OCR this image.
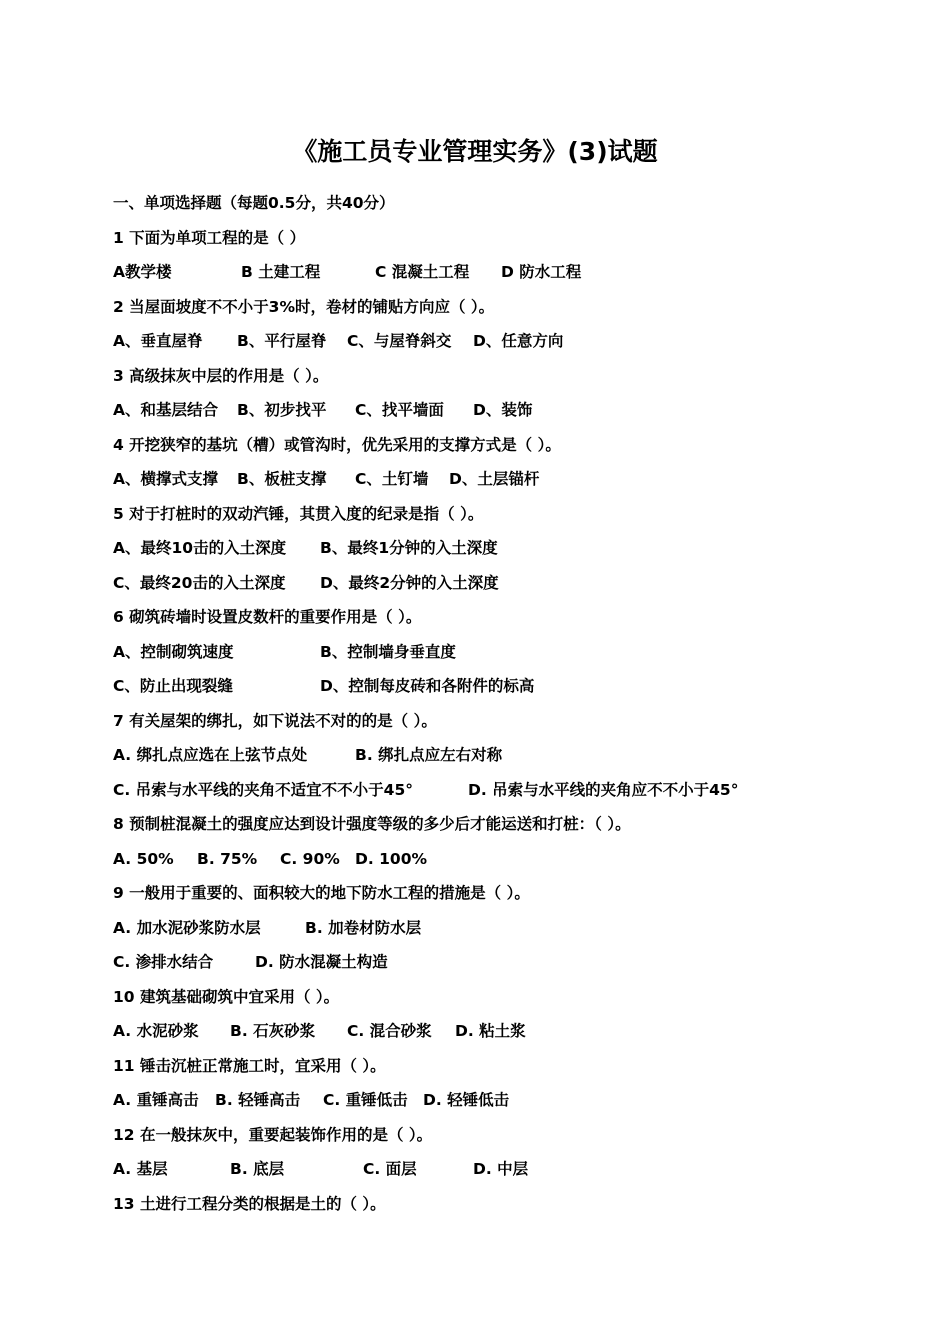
《施工员专业管理实务》(3)试题
一、单项选择题（每题0.5分，共40分）
1 下面为单项工程的是（ ）
A教学楼	B 土建工程	C 混凝土工程 D 防水工程
2 当屋面坡度不不小于3%时，卷材的铺贴方向应（ ）。
A、垂直屋脊 B、平行屋脊 C、与屋脊斜交 D、任意方向
3 高级抹灰中层的作用是（ ）。
A、和基层结合 B、初步找平 C、找平墙面 D、装饰
4 开挖狭窄的基坑（槽）或管沟时，优先采用的支撑方式是（ ）。
A、横撑式支撑 B、板桩支撑 C、土钉墙 D、土层锚杆
5 对于打桩时的双动汽锤，其贯入度的纪录是指（ ）。
A、最终10击的入土深度 B、最终1分钟的入土深度
C、最终20击的入土深度 D、最终2分钟的入土深度
6 砌筑砖墙时设置皮数杆的重要作用是（ ）。
A、控制砌筑速度	B、控制墙身垂直度
C、防止出现裂缝	D、控制每皮砖和各附件的标高
7 有关屋架的绑扎，如下说法不对的的是（ ）。
A. 绑扎点应选在上弦节点处	B. 绑扎点应左右对称
C. 吊索与水平线的夹角不适宜不不小于45°	D. 吊索与水平线的夹角应不不小于45°
8 预制桩混凝土的强度应达到设计强度等级的多少后才能运送和打桩：（ ）。
A. 50% B. 75% C. 90% D. 100%
9 一般用于重要的、面积较大的地下防水工程的措施是（ ）。
A. 加水泥砂浆防水层	B. 加卷材防水层
C. 渗排水结合	D. 防水混凝土构造
10 建筑基础砌筑中宜采用（ ）。
A. 水泥砂浆 B. 石灰砂浆 C. 混合砂浆 D. 粘土浆
11 锤击沉桩正常施工时，宜采用（ ）。
A. 重锤高击 B. 轻锤高击 C. 重锤低击 D. 轻锤低击
12 在一般抹灰中，重要起装饰作用的是（ ）。
A. 基层	B. 底层	C. 面层	D. 中层
13 土进行工程分类的根据是土的（ ）。
